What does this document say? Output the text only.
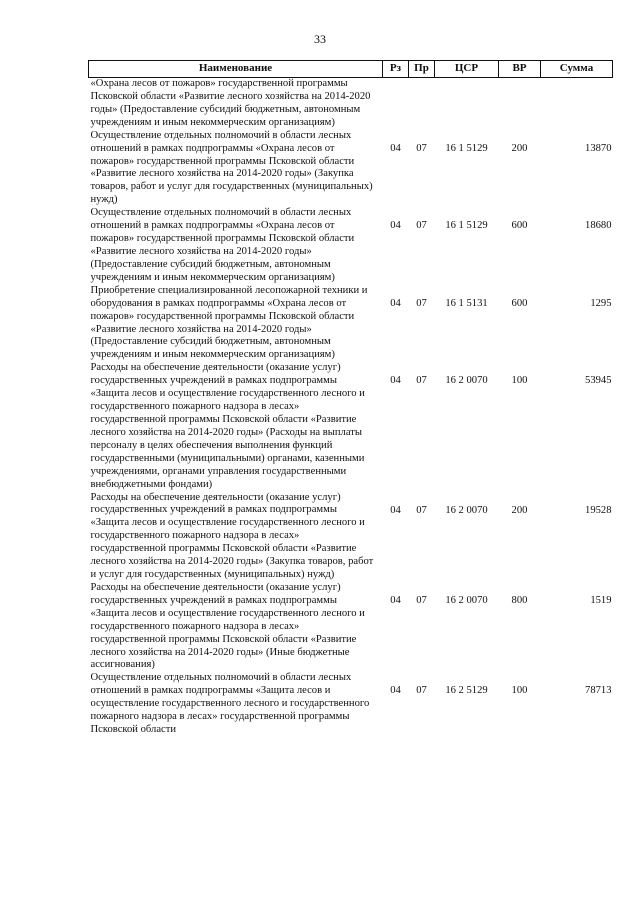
33
Наименование	Рз	Пр	ЦСР	ВР	Сумма
«Охрана лесов от пожаров» государственной программы Псковской области «Развитие лесного хозяйства на 2014-2020 годы» (Предоставление субсидий бюджетным, автономным учреждениям и иным некоммерческим организациям)					
Осуществление отдельных полномочий в области лесных отношений в рамках подпрограммы «Охрана лесов от пожаров» государственной программы Псковской области «Развитие лесного хозяйства на 2014-2020 годы» (Закупка товаров, работ и услуг для государственных (муниципальных) нужд)	04	07	16 1 5129	200	13870
Осуществление отдельных полномочий в области лесных отношений в рамках подпрограммы «Охрана лесов от пожаров» государственной программы Псковской области «Развитие лесного хозяйства на 2014-2020 годы» (Предоставление субсидий бюджетным, автономным учреждениям и иным некоммерческим организациям)	04	07	16 1 5129	600	18680
Приобретение специализированной лесопожарной техники и оборудования в рамках подпрограммы «Охрана лесов от пожаров» государственной программы Псковской области «Развитие лесного хозяйства на 2014-2020 годы» (Предоставление субсидий бюджетным, автономным учреждениям и иным некоммерческим организациям)	04	07	16 1 5131	600	1295
Расходы на обеспечение деятельности (оказание услуг) государственных учреждений в рамках подпрограммы «Защита лесов и осуществление государственного лесного и государственного пожарного надзора в лесах» государственной программы Псковской области «Развитие лесного хозяйства на 2014-2020 годы» (Расходы на выплаты персоналу в целях обеспечения выполнения функций государственными (муниципальными) органами, казенными учреждениями, органами управления государственными внебюджетными фондами)	04	07	16 2 0070	100	53945
Расходы на обеспечение деятельности (оказание услуг) государственных учреждений в рамках подпрограммы «Защита лесов и осуществление государственного лесного и государственного пожарного надзора в лесах» государственной программы Псковской области «Развитие лесного хозяйства на 2014-2020 годы» (Закупка товаров, работ и услуг для государственных (муниципальных) нужд)	04	07	16 2 0070	200	19528
Расходы на обеспечение деятельности (оказание услуг) государственных учреждений в рамках подпрограммы «Защита лесов и осуществление государственного лесного и государственного пожарного надзора в лесах» государственной программы Псковской области «Развитие лесного хозяйства на 2014-2020 годы» (Иные бюджетные ассигнования)	04	07	16 2 0070	800	1519
Осуществление отдельных полномочий в области лесных отношений в рамках подпрограммы «Защита лесов и осуществление государственного лесного и государственного пожарного надзора в лесах» государственной программы Псковской области	04	07	16 2 5129	100	78713
